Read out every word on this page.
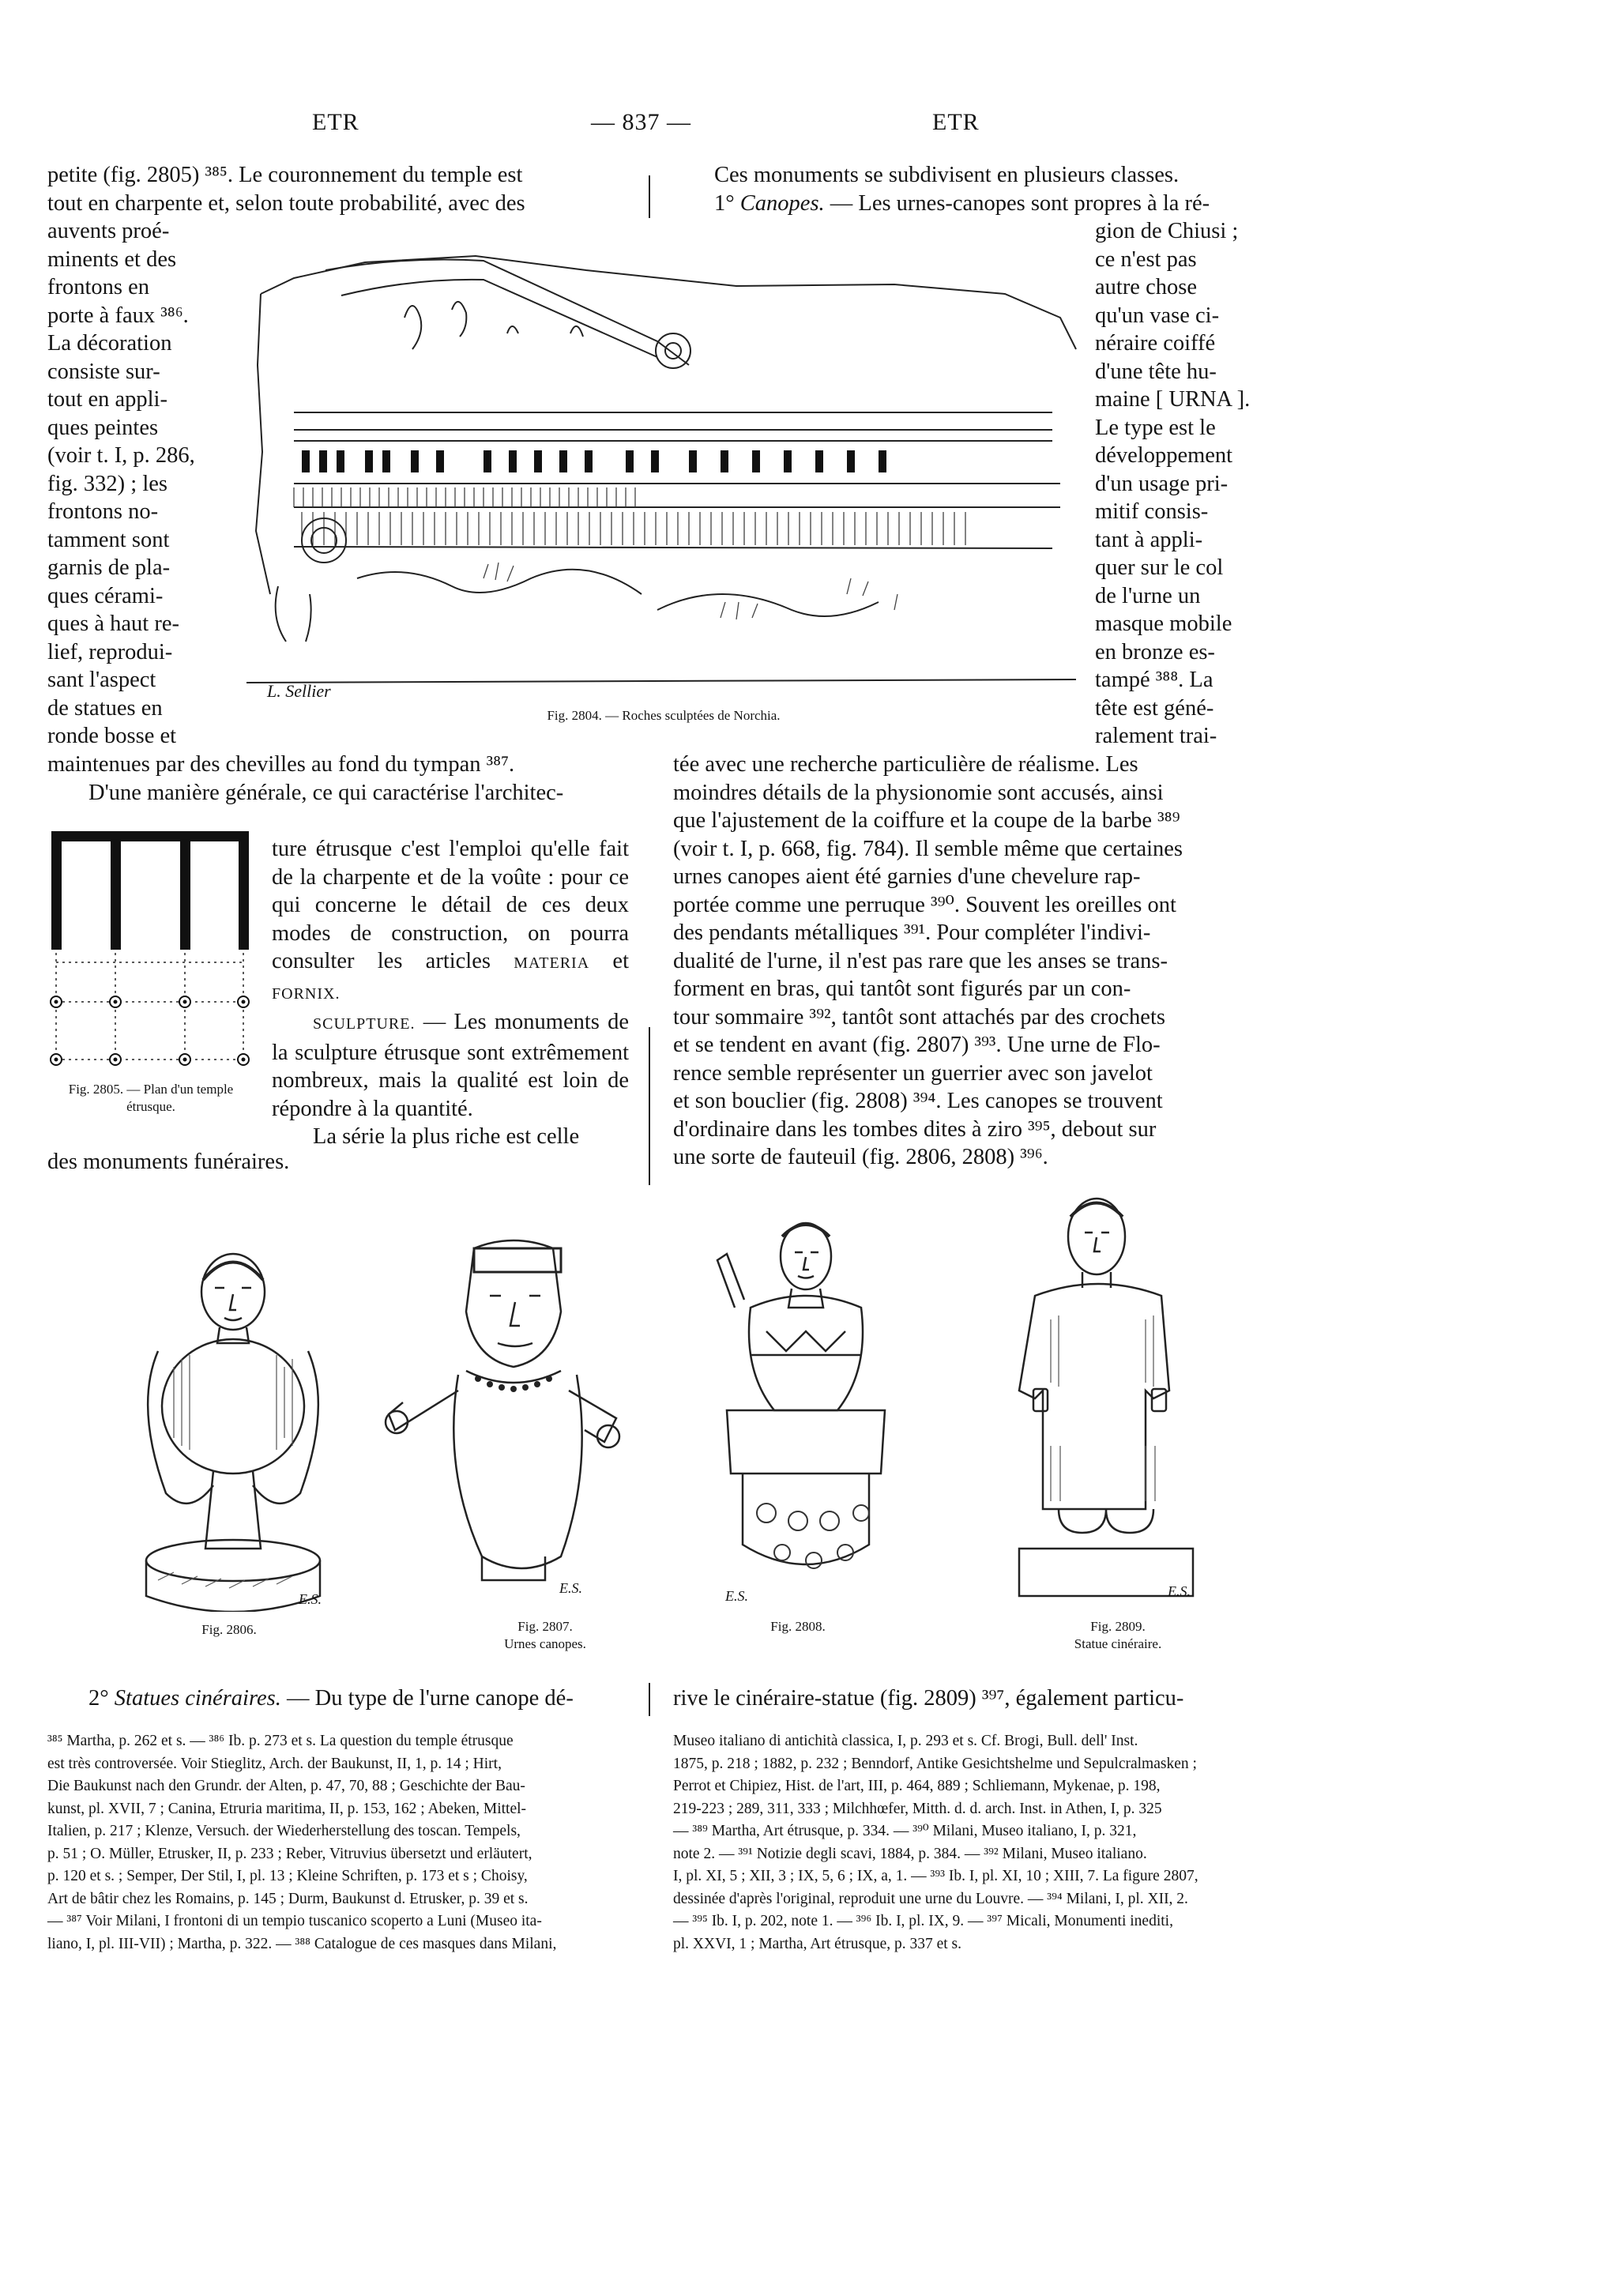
ETR	— 837 —	ETR

petite (fig. 2805) ³⁸⁵. Le couronnement du temple est

tout en charpente et, selon toute probabilité, avec des

auvents proé-

minents et des

frontons en

porte à faux ³⁸⁶.

La décoration

consiste sur-

tout en appli-

ques peintes

(voir t. I, p. 286,

fig. 332) ; les

frontons no-

tamment sont

garnis de pla-

ques cérami-

ques à haut re-

lief, reprodui-

sant l'aspect

de statues en

ronde bosse et

maintenues par des chevilles au fond du tympan ³⁸⁷.

D'une manière générale, ce qui caractérise l'architec-

Fig. 2805. — Plan d'un temple étrusque.

ture étrusque c'est l'emploi qu'elle fait de la charpente et de la voûte : pour ce qui concerne le détail de ces deux modes de construction, on pourra consulter les articles MATERIA et FORNIX.

SCULPTURE. — Les monuments de la sculpture étrusque sont extrêmement nombreux, mais la qualité est loin de répondre à la quantité.

La série la plus riche est celle

des monuments funéraires.

L. Sellier
Fig. 2804. — Roches sculptées de Norchia.

Ces monuments se subdivisent en plusieurs classes.

1° Canopes. — Les urnes-canopes sont propres à la ré-

gion de Chiusi ;

ce n'est pas

autre chose

qu'un vase ci-

néraire coiffé

d'une tête hu-

maine [ URNA ].

Le type est le

développement

d'un usage pri-

mitif consis-

tant à appli-

quer sur le col

de l'urne un

masque mobile

en bronze es-

tampé ³⁸⁸. La

tête est géné-

ralement trai-

tée avec une recherche particulière de réalisme. Les

moindres détails de la physionomie sont accusés, ainsi

que l'ajustement de la coiffure et la coupe de la barbe ³⁸⁹

(voir t. I, p. 668, fig. 784). Il semble même que certaines

urnes canopes aient été garnies d'une chevelure rap-

portée comme une perruque ³⁹⁰. Souvent les oreilles ont

des pendants métalliques ³⁹¹. Pour compléter l'indivi-

dualité de l'urne, il n'est pas rare que les anses se trans-

forment en bras, qui tantôt sont figurés par un con-

tour sommaire ³⁹², tantôt sont attachés par des crochets

et se tendent en avant (fig. 2807) ³⁹³. Une urne de Flo-

rence semble représenter un guerrier avec son javelot

et son bouclier (fig. 2808) ³⁹⁴. Les canopes se trouvent

d'ordinaire dans les tombes dites à ziro ³⁹⁵, debout sur

une sorte de fauteuil (fig. 2806, 2808) ³⁹⁶.

E.S.
E.S.	E.S.	E.S.
Fig. 2806.	Fig. 2807.
Urnes canopes.
Fig. 2808.	Fig. 2809.
Statue cinéraire.

2° Statues cinéraires. — Du type de l'urne canope dé-	rive le cinéraire-statue (fig. 2809) ³⁹⁷, également particu-

³⁸⁵ Martha, p. 262 et s. — ³⁸⁶ Ib. p. 273 et s. La question du temple étrusque

est très controversée. Voir Stieglitz, Arch. der Baukunst, II, 1, p. 14 ; Hirt,

Die Baukunst nach den Grundr. der Alten, p. 47, 70, 88 ; Geschichte der Bau-

kunst, pl. XVII, 7 ; Canina, Etruria maritima, II, p. 153, 162 ; Abeken, Mittel-

Italien, p. 217 ; Klenze, Versuch. der Wiederherstellung des toscan. Tempels,

p. 51 ; O. Müller, Etrusker, II, p. 233 ; Reber, Vitruvius übersetzt und erläutert,

p. 120 et s. ; Semper, Der Stil, I, pl. 13 ; Kleine Schriften, p. 173 et s ; Choisy,

Art de bâtir chez les Romains, p. 145 ; Durm, Baukunst d. Etrusker, p. 39 et s.

— ³⁸⁷ Voir Milani, I frontoni di un tempio tuscanico scoperto a Luni (Museo ita-

liano, I, pl. III-VII) ; Martha, p. 322. — ³⁸⁸ Catalogue de ces masques dans Milani,

Museo italiano di antichità classica, I, p. 293 et s. Cf. Brogi, Bull. dell' Inst.

1875, p. 218 ; 1882, p. 232 ; Benndorf, Antike Gesichtshelme und Sepulcralmasken ;

Perrot et Chipiez, Hist. de l'art, III, p. 464, 889 ; Schliemann, Mykenae, p. 198,

219-223 ; 289, 311, 333 ; Milchhœfer, Mitth. d. d. arch. Inst. in Athen, I, p. 325

— ³⁸⁹ Martha, Art étrusque, p. 334. — ³⁹⁰ Milani, Museo italiano, I, p. 321,

note 2. — ³⁹¹ Notizie degli scavi, 1884, p. 384. — ³⁹² Milani, Museo italiano.

I, pl. XI, 5 ; XII, 3 ; IX, 5, 6 ; IX, a, 1. — ³⁹³ Ib. I, pl. XI, 10 ; XIII, 7. La figure 2807,

dessinée d'après l'original, reproduit une urne du Louvre. — ³⁹⁴ Milani, I, pl. XII, 2.

— ³⁹⁵ Ib. I, p. 202, note 1. — ³⁹⁶ Ib. I, pl. IX, 9. — ³⁹⁷ Micali, Monumenti inediti,

pl. XXVI, 1 ; Martha, Art étrusque, p. 337 et s.
